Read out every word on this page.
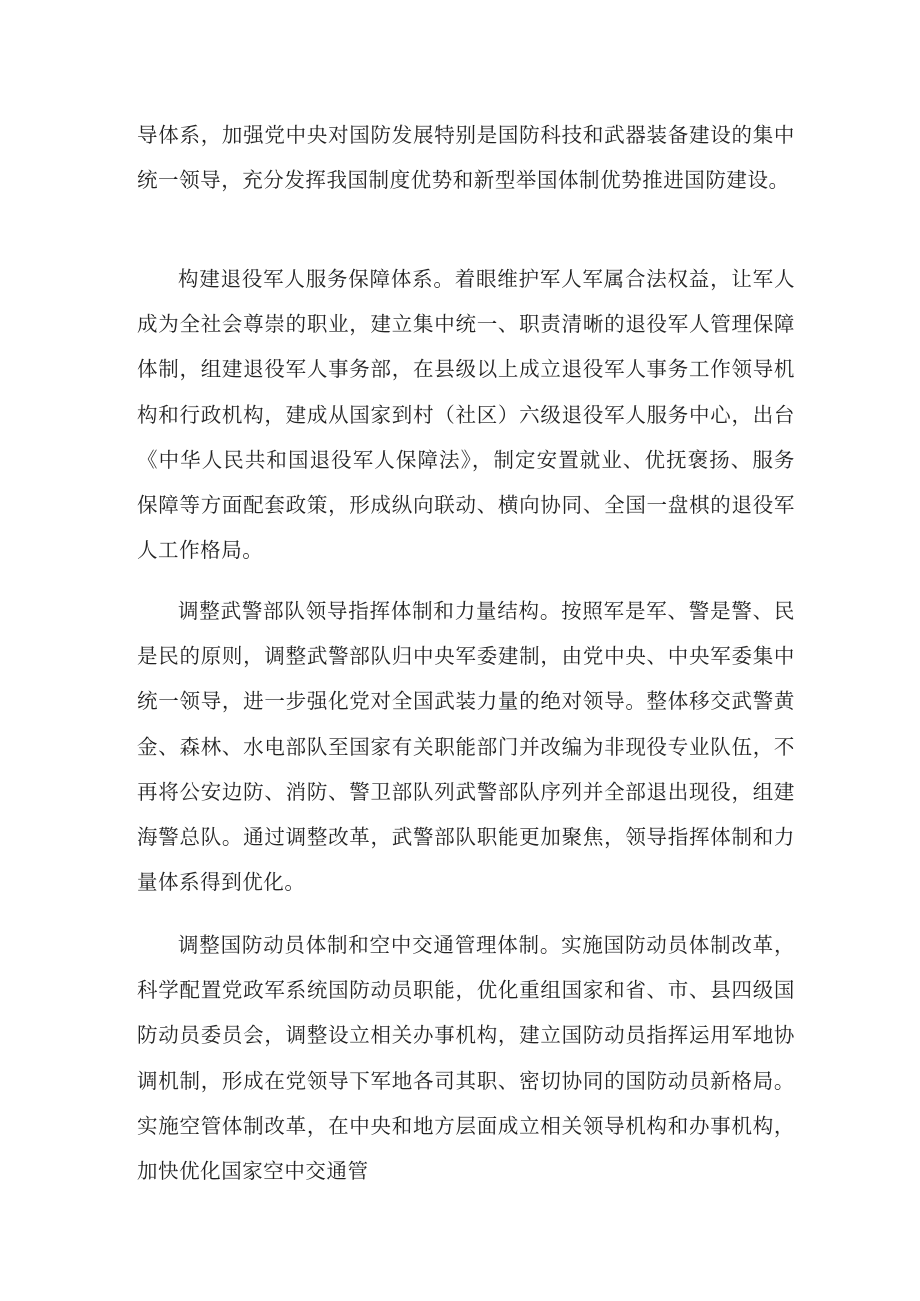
导体系，加强党中央对国防发展特别是国防科技和武器装备建设的集中统一领导，充分发挥我国制度优势和新型举国体制优势推进国防建设。

构建退役军人服务保障体系。着眼维护军人军属合法权益，让军人成为全社会尊崇的职业，建立集中统一、职责清晰的退役军人管理保障体制，组建退役军人事务部，在县级以上成立退役军人事务工作领导机构和行政机构，建成从国家到村（社区）六级退役军人服务中心，出台《中华人民共和国退役军人保障法》，制定安置就业、优抚褒扬、服务保障等方面配套政策，形成纵向联动、横向协同、全国一盘棋的退役军人工作格局。

调整武警部队领导指挥体制和力量结构。按照军是军、警是警、民是民的原则，调整武警部队归中央军委建制，由党中央、中央军委集中统一领导，进一步强化党对全国武装力量的绝对领导。整体移交武警黄金、森林、水电部队至国家有关职能部门并改编为非现役专业队伍，不再将公安边防、消防、警卫部队列武警部队序列并全部退出现役，组建海警总队。通过调整改革，武警部队职能更加聚焦，领导指挥体制和力量体系得到优化。

调整国防动员体制和空中交通管理体制。实施国防动员体制改革，科学配置党政军系统国防动员职能，优化重组国家和省、市、县四级国防动员委员会，调整设立相关办事机构，建立国防动员指挥运用军地协调机制，形成在党领导下军地各司其职、密切协同的国防动员新格局。实施空管体制改革，在中央和地方层面成立相关领导机构和办事机构，加快优化国家空中交通管
